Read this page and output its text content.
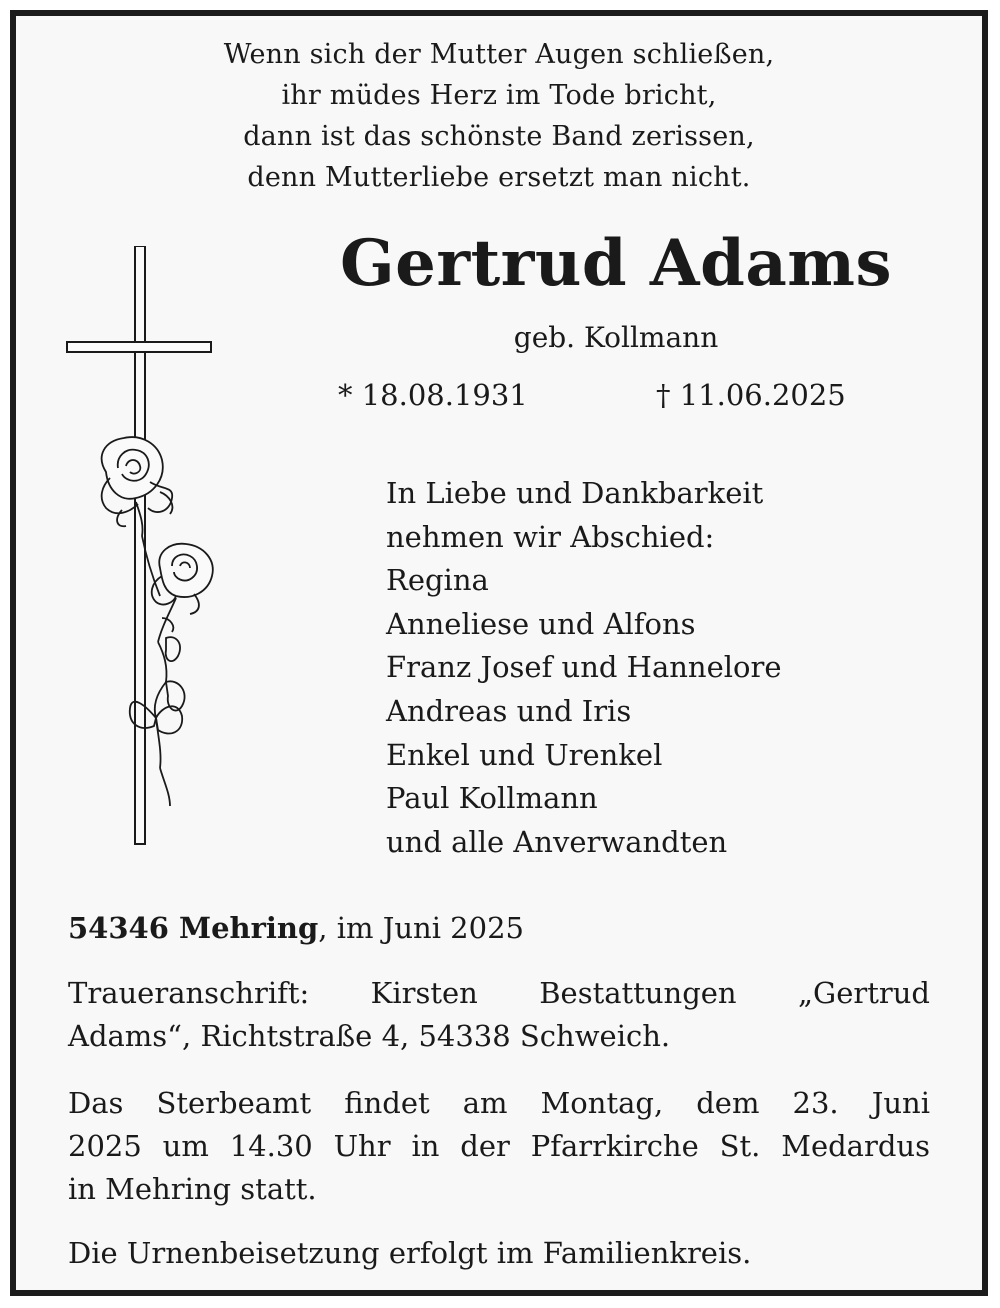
Wenn sich der Mutter Augen schließen,
ihr müdes Herz im Tode bricht,
dann ist das schönste Band zerissen,
denn Mutterliebe ersetzt man nicht.
Gertrud Adams
geb. Kollmann
* 18.08.1931	† 11.06.2025
In Liebe und Dankbarkeit
nehmen wir Abschied:
Regina
Anneliese und Alfons
Franz Josef und Hannelore
Andreas und Iris
Enkel und Urenkel
Paul Kollmann
und alle Anverwandten
54346 Mehring, im Juni 2025
Traueranschrift: Kirsten Bestattungen „Gertrud
Adams“, Richtstraße 4, 54338 Schweich.
Das Sterbeamt findet am Montag, dem 23. Juni
2025 um 14.30 Uhr in der Pfarrkirche St. Medardus
in Mehring statt.
Die Urnenbeisetzung erfolgt im Familienkreis.
